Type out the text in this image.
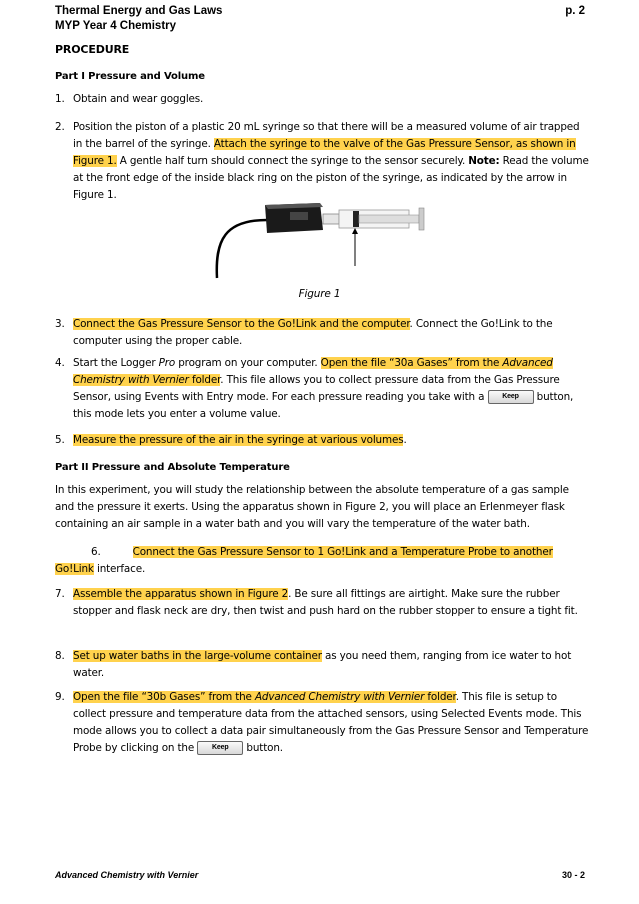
Thermal Energy and Gas Laws
MYP Year 4 Chemistry
p. 2
PROCEDURE
Part I Pressure and Volume
1. Obtain and wear goggles.
2. Position the piston of a plastic 20 mL syringe so that there will be a measured volume of air trapped in the barrel of the syringe. Attach the syringe to the valve of the Gas Pressure Sensor, as shown in Figure 1. A gentle half turn should connect the syringe to the sensor securely. Note: Read the volume at the front edge of the inside black ring on the piston of the syringe, as indicated by the arrow in Figure 1.
Figure 1
3. Connect the Gas Pressure Sensor to the Go!Link and the computer. Connect the Go!Link to the computer using the proper cable.
4. Start the Logger Pro program on your computer. Open the file “30a Gases” from the Advanced Chemistry with Vernier folder. This file allows you to collect pressure data from the Gas Pressure Sensor, using Events with Entry mode. For each pressure reading you take with a Keep button, this mode lets you enter a volume value.
5. Measure the pressure of the air in the syringe at various volumes.
Part II Pressure and Absolute Temperature
In this experiment, you will study the relationship between the absolute temperature of a gas sample and the pressure it exerts. Using the apparatus shown in Figure 2, you will place an Erlenmeyer flask containing an air sample in a water bath and you will vary the temperature of the water bath.
6.	Connect the Gas Pressure Sensor to 1 Go!Link and a Temperature Probe to another Go!Link interface.
7. Assemble the apparatus shown in Figure 2. Be sure all fittings are airtight. Make sure the rubber stopper and flask neck are dry, then twist and push hard on the rubber stopper to ensure a tight fit.
8. Set up water baths in the large-volume container as you need them, ranging from ice water to hot water.
9. Open the file “30b Gases” from the Advanced Chemistry with Vernier folder. This file is setup to collect pressure and temperature data from the attached sensors, using Selected Events mode. This mode allows you to collect a data pair simultaneously from the Gas Pressure Sensor and Temperature Probe by clicking on the Keep button.
Advanced Chemistry with Vernier	30 - 2
